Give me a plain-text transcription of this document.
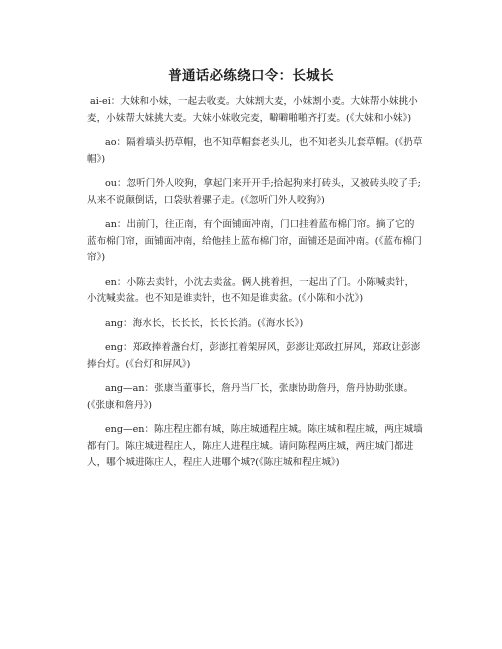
普通话必练绕口令：长城长

ai-ei：大妹和小妹，一起去收麦。大妹割大麦，小妹割小麦。大妹帮小妹挑小麦，小妹帮大妹挑大麦。大妹小妹收完麦，噼噼啪啪齐打麦。(《大妹和小妹》)

ao：隔着墙头扔草帽，也不知草帽套老头儿，也不知老头儿套草帽。(《扔草帽》)

ou：忽听门外人咬狗，拿起门来开开手;拾起狗来打砖头，又被砖头咬了手;从来不说颠倒话，口袋驮着骡子走。(《忽听门外人咬狗》)

an：出前门，往正南，有个面铺面冲南，门口挂着蓝布棉门帘。摘了它的蓝布棉门帘，面铺面冲南，给他挂上蓝布棉门帘，面铺还是面冲南。(《蓝布棉门帘》)

en：小陈去卖针，小沈去卖盆。俩人挑着担，一起出了门。小陈喊卖针，小沈喊卖盆。也不知是谁卖针，也不知是谁卖盆。(《小陈和小沈》)

ang：海水长，长长长，长长长消。(《海水长》)

eng：郑政捧着盏台灯，彭澎扛着架屏风，彭澎让郑政扛屏风，郑政让彭澎捧台灯。(《台灯和屏风》)

ang—an：张康当董事长，詹丹当厂长，张康协助詹丹，詹丹协助张康。(《张康和詹丹》)

eng—en：陈庄程庄都有城，陈庄城通程庄城。陈庄城和程庄城，两庄城墙都有门。陈庄城进程庄人，陈庄人进程庄城。请问陈程两庄城，两庄城门都进人，哪个城进陈庄人，程庄人进哪个城?(《陈庄城和程庄城》)
